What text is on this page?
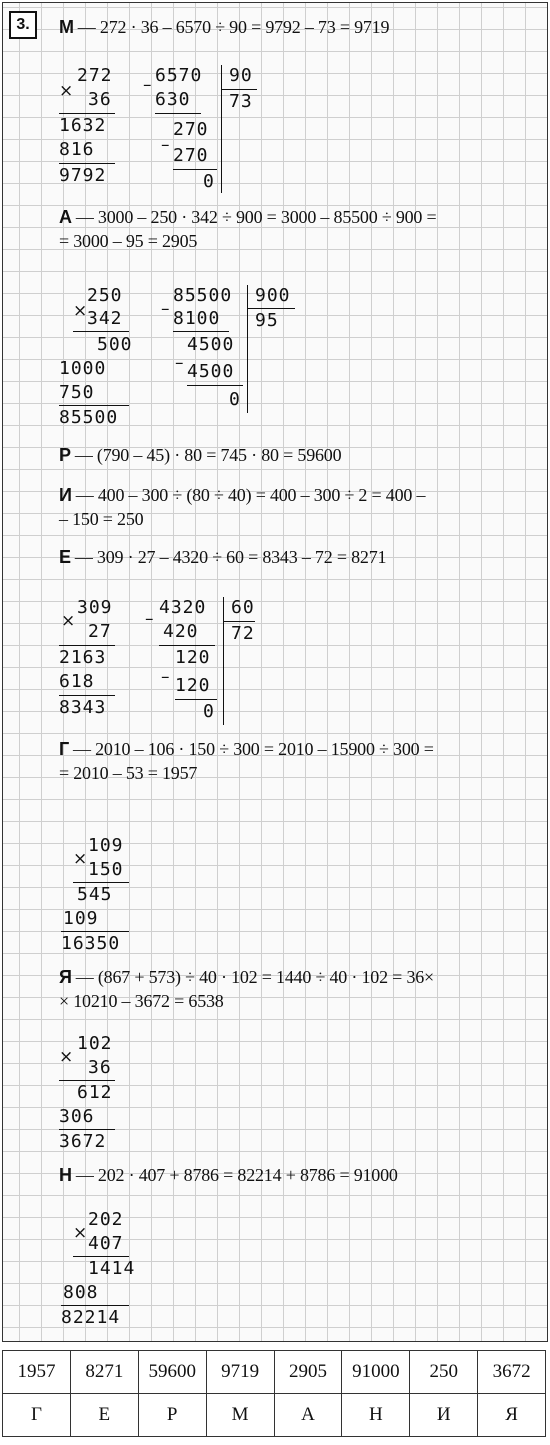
3.	М — 272 · 36 – 6570 ÷ 90 = 9792 – 73 = 9719
×
272
36
1632
816
9792
– 6570 90
73
630
270
– 270
0
А — 3000 – 250 · 342 ÷ 900 = 3000 – 85500 ÷ 900 =
= 3000 – 95 = 2905
250
× 342
500
1000
750
85500
–
85500 900
95
8100
4500
– 4500
0
Р — (790 – 45) · 80 = 745 · 80 = 59600
И — 400 – 300 ÷ (80 ÷ 40) = 400 – 300 ÷ 2 = 400 –
– 150 = 250
Е — 309 · 27 – 4320 ÷ 60 = 8343 – 72 = 8271
309
× 27
2163
618
8343
–
4320 60
72
420
120
– 120
0
Г — 2010 – 106 · 150 ÷ 300 = 2010 – 15900 ÷ 300 =
= 2010 – 53 = 1957
109
× 150
545
109
16350
Я — (867 + 573) ÷ 40 · 102 = 1440 ÷ 40 · 102 = 36×
× 10210 – 3672 = 6538
102
× 36
612
306
3672
Н — 202 · 407 + 8786 = 82214 + 8786 = 91000
202
× 407
1414
808
82214
1957	8271	59600	9719	2905	91000	250	3672
Г	Е	Р	М	А	Н	И	Я
